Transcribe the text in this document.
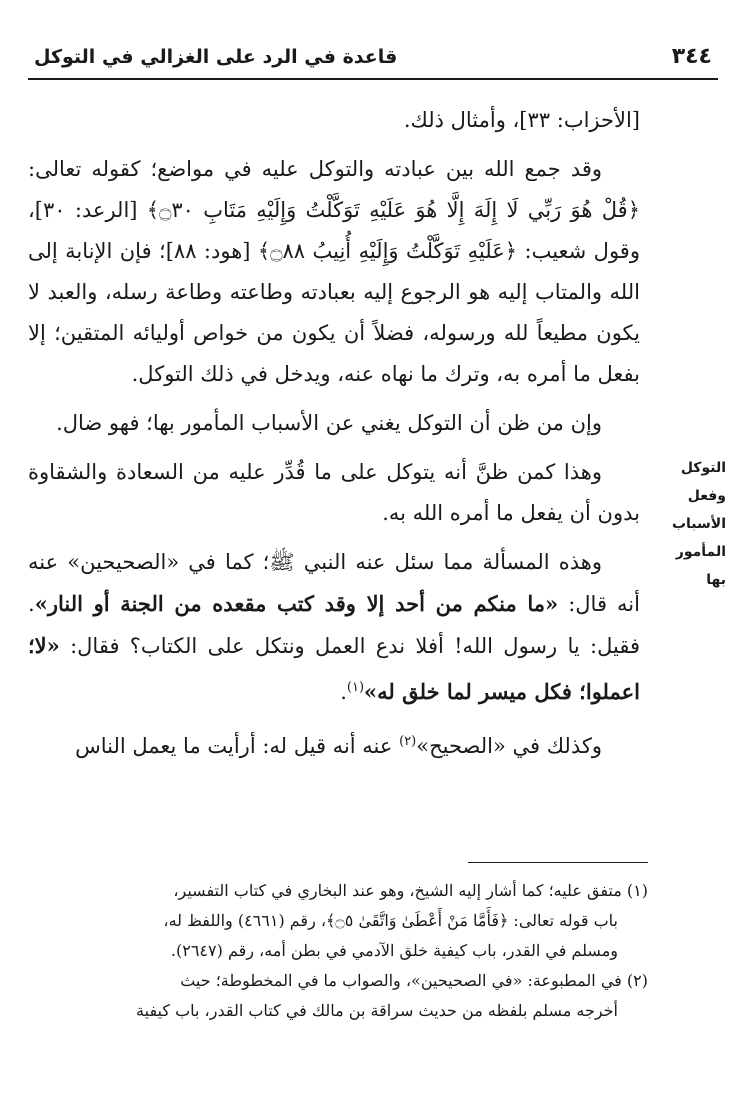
٣٤٤
قاعدة في الرد على الغزالي في التوكل

[الأحزاب: ٣٣]، وأمثال ذلك.

وقد جمع الله بين عبادته والتوكل عليه في مواضع؛ كقوله تعالى: ﴿قُلْ هُوَ رَبِّي لَا إِلَهَ إِلَّا هُوَ عَلَيْهِ تَوَكَّلْتُ وَإِلَيْهِ مَتَابِ ۝٣٠﴾ [الرعد: ٣٠]، وقول شعيب: ﴿عَلَيْهِ تَوَكَّلْتُ وَإِلَيْهِ أُنِيبُ ۝٨٨﴾ [هود: ٨٨]؛ فإن الإنابة إلى الله والمتاب إليه هو الرجوع إليه بعبادته وطاعته وطاعة رسله، والعبد لا يكون مطيعاً لله ورسوله، فضلاً أن يكون من خواص أوليائه المتقين؛ إلا بفعل ما أمره به، وترك ما نهاه عنه، ويدخل في ذلك التوكل.

وإن من ظن أن التوكل يغني عن الأسباب المأمور بها؛ فهو ضال.

وهذا كمن ظنَّ أنه يتوكل على ما قُدِّر عليه من السعادة والشقاوة بدون أن يفعل ما أمره الله به.

وهذه المسألة مما سئل عنه النبي ﷺ؛ كما في «الصحيحين» عنه أنه قال: «ما منكم من أحد إلا وقد كتب مقعده من الجنة أو النار». فقيل: يا رسول الله! أفلا ندع العمل ونتكل على الكتاب؟ فقال: «لا؛ اعملوا؛ فكل ميسر لما خلق له»$^{(١)}$.

وكذلك في «الصحيح»$^{(٢)}$ عنه أنه قيل له: أرأيت ما يعمل الناس

التوكل
وفعل
الأسباب
المأمور
بها

(١) متفق عليه؛ كما أشار إليه الشيخ، وهو عند البخاري في كتاب التفسير،

باب قوله تعالى: ﴿فَأَمَّا مَنْ أَعْطَىٰ وَاتَّقَىٰ ۝٥﴾، رقم (٤٦٦١) واللفظ له،

ومسلم في القدر، باب كيفية خلق الآدمي في بطن أمه، رقم (٢٦٤٧).

(٢) في المطبوعة: «في الصحيحين»، والصواب ما في المخطوطة؛ حيث

أخرجه مسلم بلفظه من حديث سراقة بن مالك في كتاب القدر، باب كيفية
